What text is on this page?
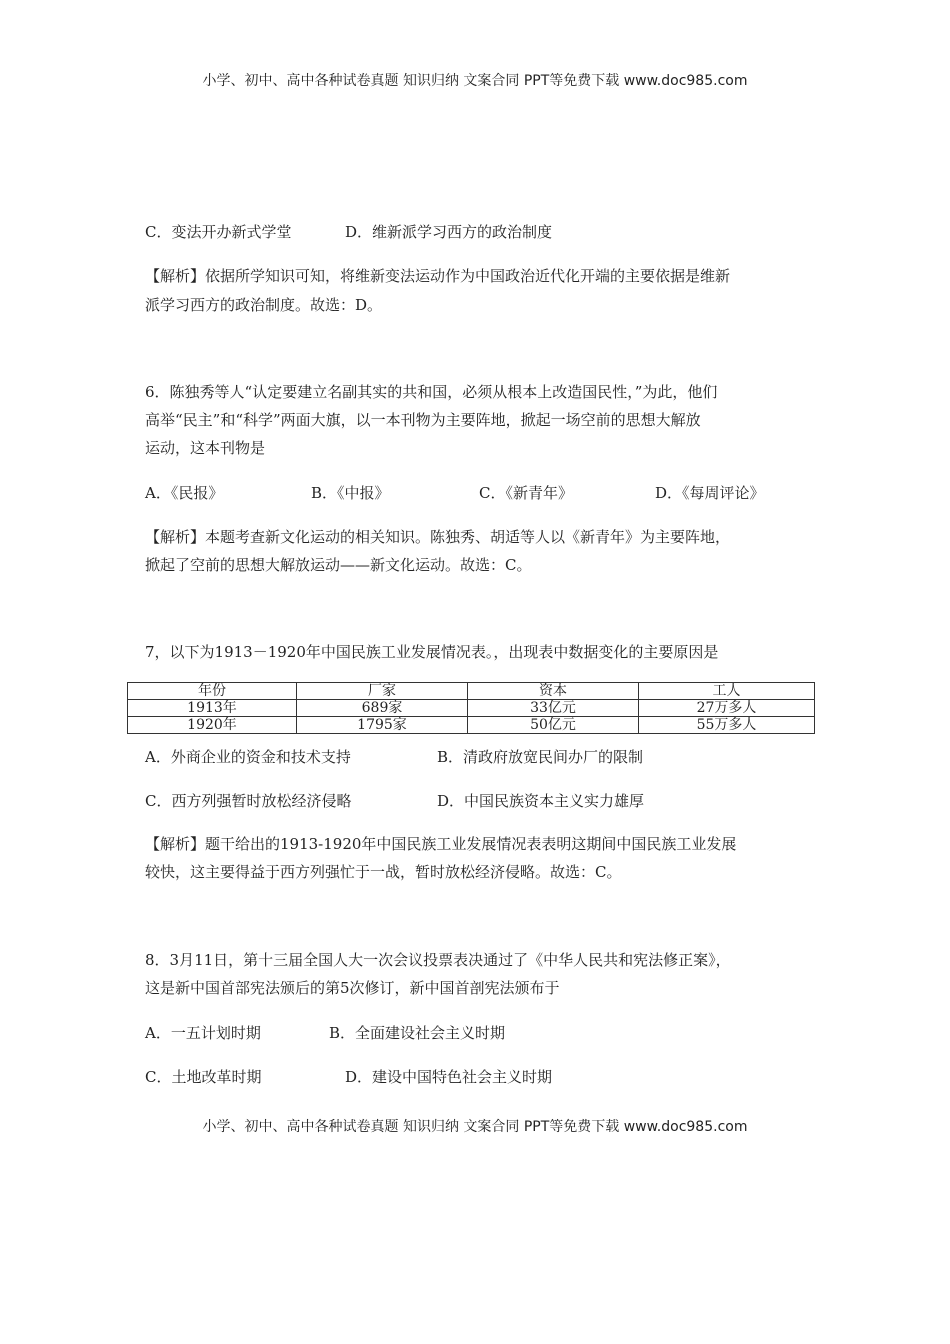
小学、初中、高中各种试卷真题 知识归纳 文案合同 PPT等免费下载 www.doc985.com
C．变法开办新式学堂	D．维新派学习西方的政治制度
【解析】依据所学知识可知，将维新变法运动作为中国政治近代化开端的主要依据是维新
派学习西方的政治制度。故选：D。
6．陈独秀等人“认定要建立名副其实的共和国，必须从根本上改造国民性，”为此，他们
高举“民主”和“科学”两面大旗，以一本刊物为主要阵地，掀起一场空前的思想大解放
运动，这本刊物是
A．《民报》	B．《中报》	C．《新青年》	D．《每周评论》
【解析】本题考查新文化运动的相关知识。陈独秀、胡适等人以《新青年》为主要阵地，
掀起了空前的思想大解放运动——新文化运动。故选：C。
7，以下为1913－1920年中国民族工业发展情况表。，出现表中数据变化的主要原因是
年份	厂家	资本	工人
1913年	689家	33亿元	27万多人
1920年	1795家	50亿元	55万多人
A．外商企业的资金和技术支持	B．清政府放宽民间办厂的限制
C．西方列强暂时放松经济侵略	D．中国民族资本主义实力雄厚
【解析】题干给出的1913-1920年中国民族工业发展情况表表明这期间中国民族工业发展
较快，这主要得益于西方列强忙于一战，暂时放松经济侵略。故选：C。
8．3月11日，第十三届全国人大一次会议投票表决通过了《中华人民共和宪法修正案》，
这是新中国首部宪法颁后的第5次修订，新中国首剖宪法颁布于
A．一五计划时期	B．全面建设社会主义时期
C．土地改革时期	D．建设中国特色社会主义时期
小学、初中、高中各种试卷真题 知识归纳 文案合同 PPT等免费下载 www.doc985.com
